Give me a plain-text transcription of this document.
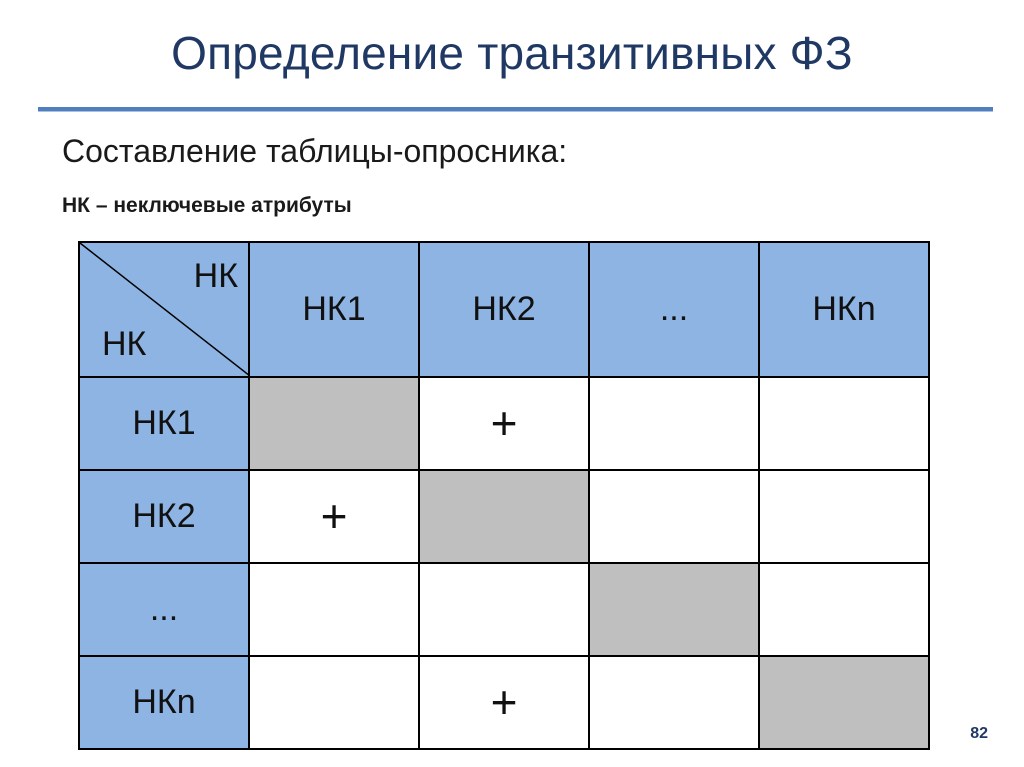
Определение транзитивных ФЗ
Составление таблицы-опросника:
НК – неключевые атрибуты
НК
НК	НК1	НК2	...	НКn
НК1		+		
НК2	+			
...				
НКn		+		
82
